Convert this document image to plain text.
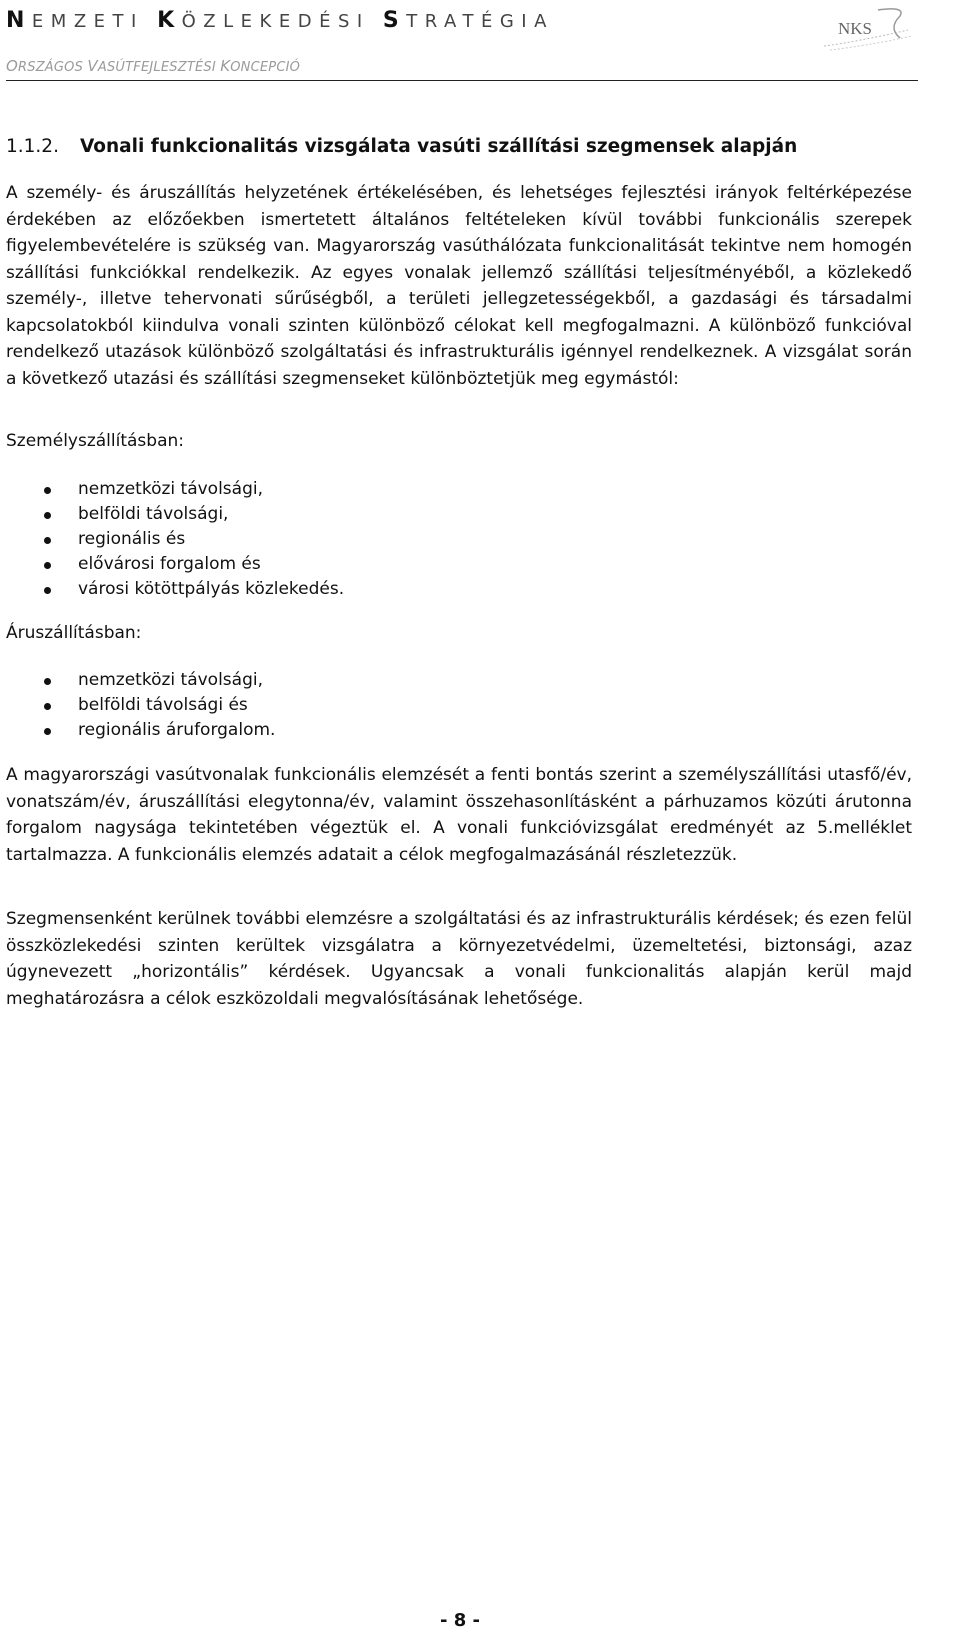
NEMZETI KÖZLEKEDÉSI STRATÉGIA
ORSZÁGOS VASÚTFEJLESZTÉSI KONCEPCIÓ
NKS
1.1.2. Vonali funkcionalitás vizsgálata vasúti szállítási szegmensek alapján

A személy- és áruszállítás helyzetének értékelésében, és lehetséges fejlesztési irányok feltérképezése érdekében az előzőekben ismertetett általános feltételeken kívül további funkcionális szerepek figyelembevételére is szükség van. Magyarország vasúthálózata funkcionalitását tekintve nem homogén szállítási funkciókkal rendelkezik. Az egyes vonalak jellemző szállítási teljesítményéből, a közlekedő személy-, illetve tehervonati sűrűségből, a területi jellegzetességekből, a gazdasági és társadalmi kapcsolatokból kiindulva vonali szinten különböző célokat kell megfogalmazni. A különböző funkcióval rendelkező utazások különböző szolgáltatási és infrastrukturális igénnyel rendelkeznek. A vizsgálat során a következő utazási és szállítási szegmenseket különböztetjük meg egymástól:

Személyszállításban:

nemzetközi távolsági,
belföldi távolsági,
regionális és
elővárosi forgalom és
városi kötöttpályás közlekedés.

Áruszállításban:

nemzetközi távolsági,
belföldi távolsági és
regionális áruforgalom.

A magyarországi vasútvonalak funkcionális elemzését a fenti bontás szerint a személyszállítási utasfő/év, vonatszám/év, áruszállítási elegytonna/év, valamint összehasonlításként a párhuzamos közúti árutonna forgalom nagysága tekintetében végeztük el. A vonali funkcióvizsgálat eredményét az 5.melléklet tartalmazza. A funkcionális elemzés adatait a célok megfogalmazásánál részletezzük.

Szegmensenként kerülnek további elemzésre a szolgáltatási és az infrastrukturális kérdések; és ezen felül összközlekedési szinten kerültek vizsgálatra a környezetvédelmi, üzemeltetési, biztonsági, azaz úgynevezett „horizontális” kérdések. Ugyancsak a vonali funkcionalitás alapján kerül majd meghatározásra a célok eszközoldali megvalósításának lehetősége.

- 8 -
